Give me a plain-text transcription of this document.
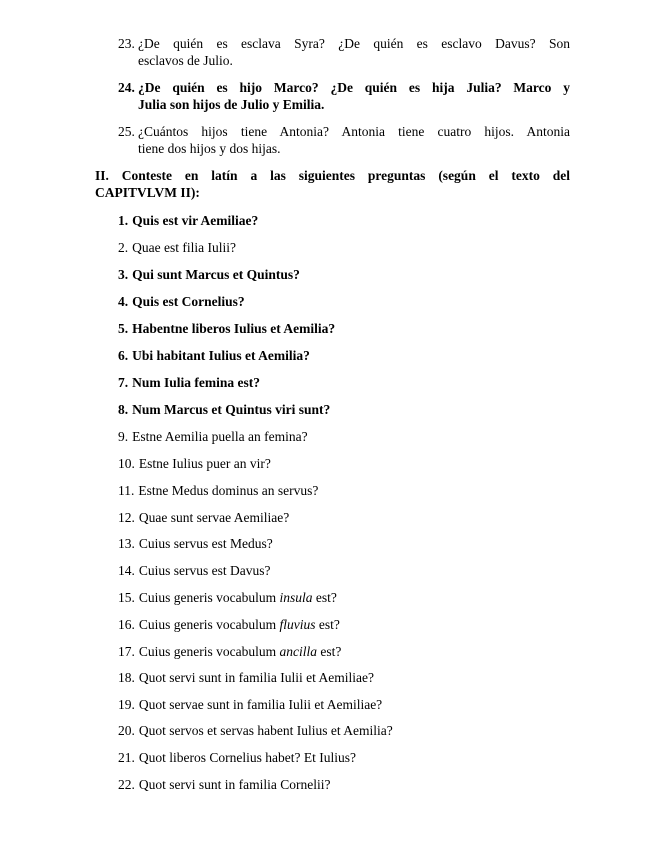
23. ¿De quién es esclava Syra? ¿De quién es esclavo Davus? Son
esclavos de Julio.
24. ¿De quién es hijo Marco? ¿De quién es hija Julia? Marco y
Julia son hijos de Julio y Emilia.
25. ¿Cuántos hijos tiene Antonia? Antonia tiene cuatro hijos. Antonia
tiene dos hijos y dos hijas.
II. Conteste en latín a las siguientes preguntas (según el texto del
CAPITVLVM II):
1. Quis est vir Aemiliae?
2. Quae est filia Iulii?
3. Qui sunt Marcus et Quintus?
4. Quis est Cornelius?
5. Habentne liberos Iulius et Aemilia?
6. Ubi habitant Iulius et Aemilia?
7. Num Iulia femina est?
8. Num Marcus et Quintus viri sunt?
9. Estne Aemilia puella an femina?
10. Estne Iulius puer an vir?
11. Estne Medus dominus an servus?
12. Quae sunt servae Aemiliae?
13. Cuius servus est Medus?
14. Cuius servus est Davus?
15. Cuius generis vocabulum insula est?
16. Cuius generis vocabulum fluvius est?
17. Cuius generis vocabulum ancilla est?
18. Quot servi sunt in familia Iulii et Aemiliae?
19. Quot servae sunt in familia Iulii et Aemiliae?
20. Quot servos et servas habent Iulius et Aemilia?
21. Quot liberos Cornelius habet? Et Iulius?
22. Quot servi sunt in familia Cornelii?
